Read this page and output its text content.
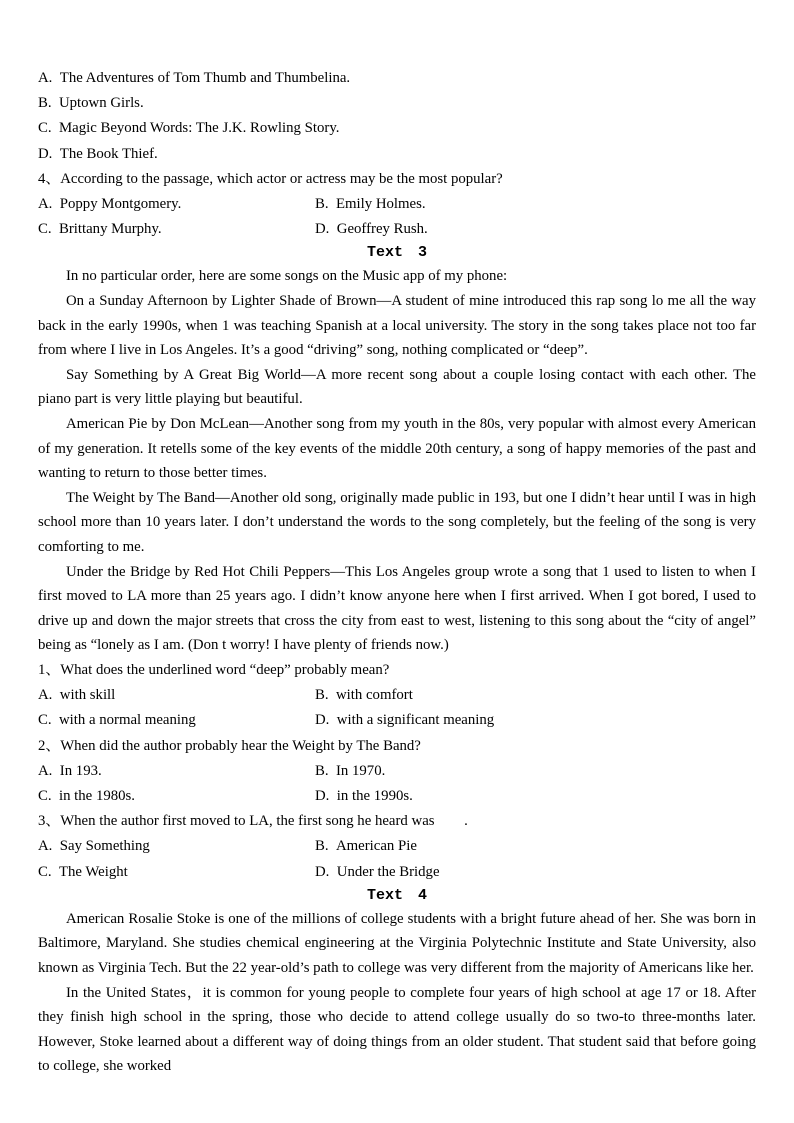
A.  The Adventures of Tom Thumb and Thumbelina.
B.  Uptown Girls.
C.  Magic Beyond Words: The J.K. Rowling Story.
D.  The Book Thief.
4、According to the passage, which actor or actress may be the most popular?
A.  Poppy Montgomery.	B.  Emily Holmes.
C.  Brittany Murphy.	D.  Geoffrey Rush.
Text 3

In no particular order, here are some songs on the Music app of my phone:

On a Sunday Afternoon by Lighter Shade of Brown—A student of mine introduced this rap song lo me all the way back in the early 1990s, when 1 was teaching Spanish at a local university. The story in the song takes place not too far from where I live in Los Angeles. It’s a good “driving” song, nothing complicated or “deep”.

Say Something by A Great Big World—A more recent song about a couple losing contact with each other. The piano part is very little playing but beautiful.

American Pie by Don McLean—Another song from my youth in the 80s, very popular with almost every American of my generation. It retells some of the key events of the middle 20th century, a song of happy memories of the past and wanting to return to those better times.

The Weight by The Band—Another old song, originally made public in 193, but one I didn’t hear until I was in high school more than 10 years later. I don’t understand the words to the song completely, but the feeling of the song is very comforting to me.

Under the Bridge by Red Hot Chili Peppers—This Los Angeles group wrote a song that 1 used to listen to when I first moved to LA more than 25 years ago. I didn’t know anyone here when I first arrived. When I got bored, I used to drive up and down the major streets that cross the city from east to west, listening to this song about the “city of angel” being as “lonely as I am. (Don t worry! I have plenty of friends now.)

1、What does the underlined word “deep” probably mean?
A.  with skill	B.  with comfort
C.  with a normal meaning	D.  with a significant meaning
2、When did the author probably hear the Weight by The Band?
A.  In 193.	B.  In 1970.
C.  in the 1980s.	D.  in the 1990s.
3、When the author first moved to LA, the first song he heard was        .
A.  Say Something	B.  American Pie
C.  The Weight	D.  Under the Bridge
Text 4

American Rosalie Stoke is one of the millions of college students with a bright future ahead of her. She was born in Baltimore, Maryland. She studies chemical engineering at the Virginia Polytechnic Institute and State University, also known as Virginia Tech. But the 22 year-old’s path to college was very different from the majority of Americans like her.

In the United States，it is common for young people to complete four years of high school at age 17 or 18. After they finish high school in the spring, those who decide to attend college usually do so two-to three-months later. However, Stoke learned about a different way of doing things from an older student. That student said that before going to college, she worked
